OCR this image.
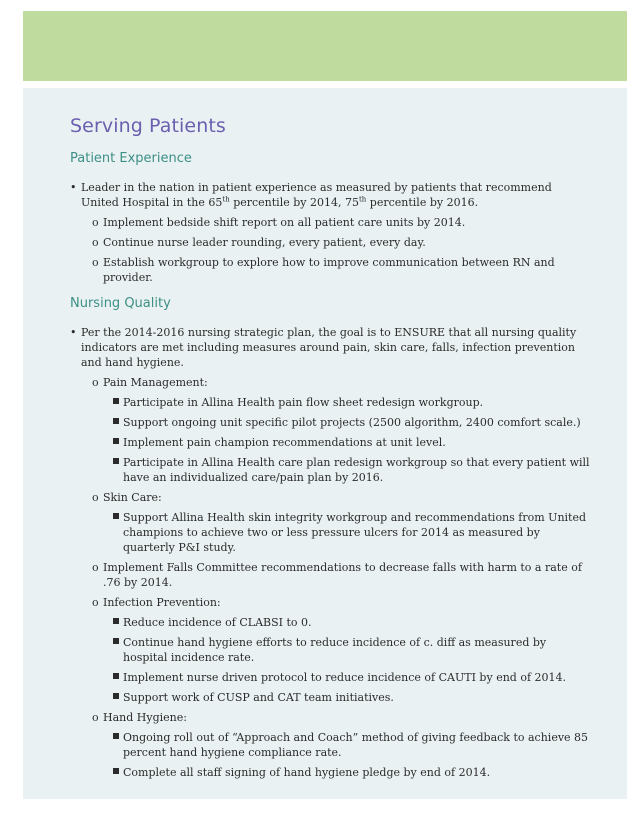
Serving Patients
Patient Experience
• Leader in the nation in patient experience as measured by patients that recommend United Hospital in the 65th percentile by 2014, 75th percentile by 2016.
o Implement bedside shift report on all patient care units by 2014.
o Continue nurse leader rounding, every patient, every day.
o Establish workgroup to explore how to improve communication between RN and provider.
Nursing Quality
• Per the 2014-2016 nursing strategic plan, the goal is to ENSURE that all nursing quality indicators are met including measures around pain, skin care, falls, infection prevention and hand hygiene.
o Pain Management:
Participate in Allina Health pain flow sheet redesign workgroup.
Support ongoing unit specific pilot projects (2500 algorithm, 2400 comfort scale.)
Implement pain champion recommendations at unit level.
Participate in Allina Health care plan redesign workgroup so that every patient will have an individualized care/pain plan by 2016.
o Skin Care:
Support Allina Health skin integrity workgroup and recommendations from United champions to achieve two or less pressure ulcers for 2014 as measured by quarterly P&I study.
o Implement Falls Committee recommendations to decrease falls with harm to a rate of .76 by 2014.
o Infection Prevention:
Reduce incidence of CLABSI to 0.
Continue hand hygiene efforts to reduce incidence of c. diff as measured by hospital incidence rate.
Implement nurse driven protocol to reduce incidence of CAUTI by end of 2014.
Support work of CUSP and CAT team initiatives.
o Hand Hygiene:
Ongoing roll out of “Approach and Coach” method of giving feedback to achieve 85 percent hand hygiene compliance rate.
Complete all staff signing of hand hygiene pledge by end of 2014.
